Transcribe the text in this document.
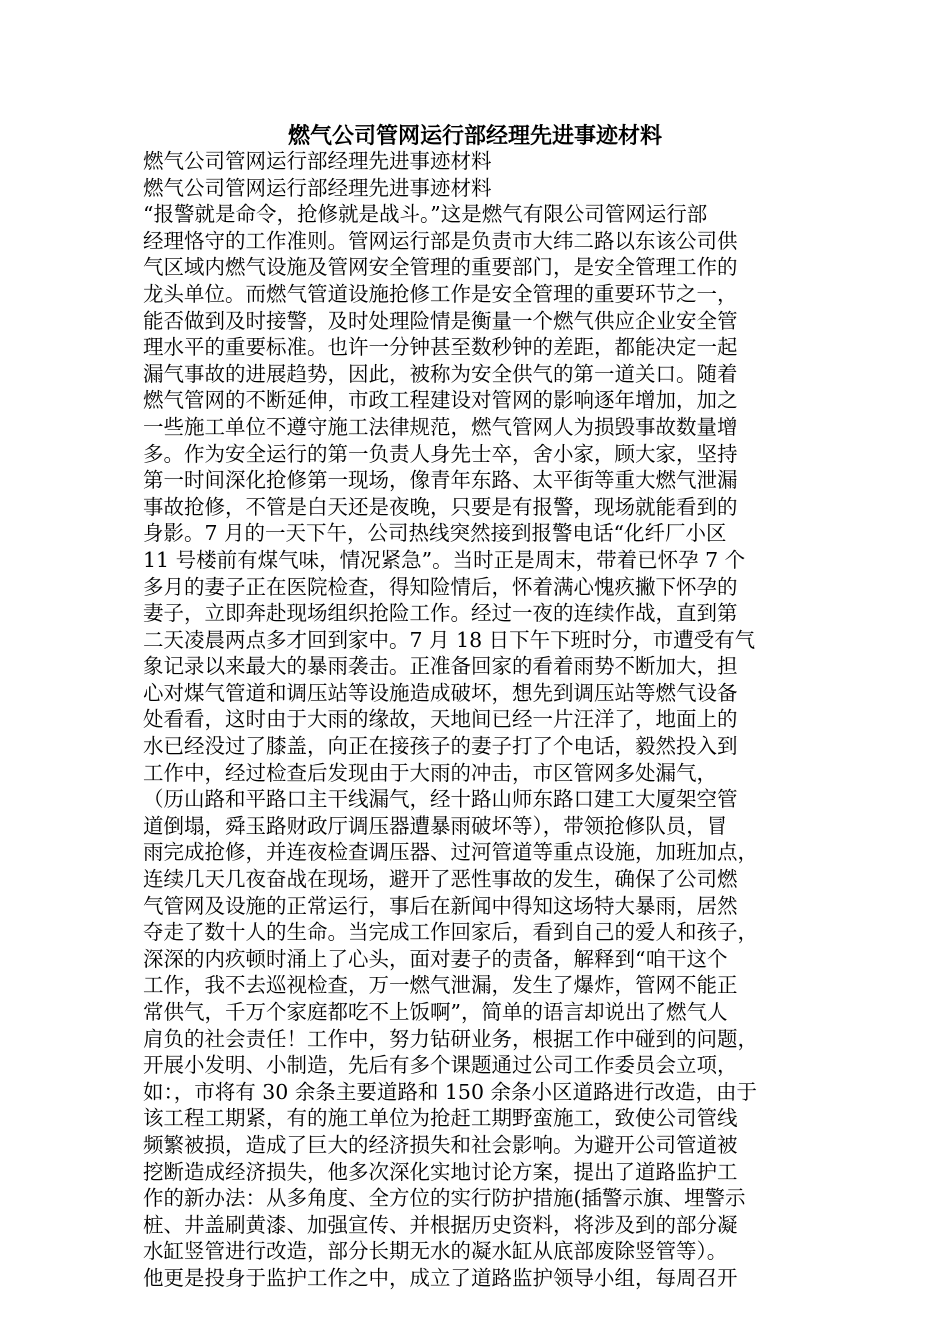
燃气公司管网运行部经理先进事迹材料
燃气公司管网运行部经理先进事迹材料
燃气公司管网运行部经理先进事迹材料
“报警就是命令，抢修就是战斗。”这是燃气有限公司管网运行部
经理恪守的工作准则。管网运行部是负责市大纬二路以东该公司供
气区域内燃气设施及管网安全管理的重要部门，是安全管理工作的
龙头单位。而燃气管道设施抢修工作是安全管理的重要环节之一，
能否做到及时接警，及时处理险情是衡量一个燃气供应企业安全管
理水平的重要标准。也许一分钟甚至数秒钟的差距，都能决定一起
漏气事故的进展趋势，因此，被称为安全供气的第一道关口。随着
燃气管网的不断延伸，市政工程建设对管网的影响逐年增加，加之
一些施工单位不遵守施工法律规范，燃气管网人为损毁事故数量增
多。作为安全运行的第一负责人身先士卒，舍小家，顾大家，坚持
第一时间深化抢修第一现场，像青年东路、太平街等重大燃气泄漏
事故抢修，不管是白天还是夜晚，只要是有报警，现场就能看到的
身影。7 月的一天下午，公司热线突然接到报警电话“化纤厂小区
11 号楼前有煤气味，情况紧急”。当时正是周末，带着已怀孕 7 个
多月的妻子正在医院检查，得知险情后，怀着满心愧疚撇下怀孕的
妻子，立即奔赴现场组织抢险工作。经过一夜的连续作战，直到第
二天凌晨两点多才回到家中。7 月 18 日下午下班时分，市遭受有气
象记录以来最大的暴雨袭击。正准备回家的看着雨势不断加大，担
心对煤气管道和调压站等设施造成破坏，想先到调压站等燃气设备
处看看，这时由于大雨的缘故，天地间已经一片汪洋了，地面上的
水已经没过了膝盖，向正在接孩子的妻子打了个电话，毅然投入到
工作中，经过检查后发现由于大雨的冲击，市区管网多处漏气，
（历山路和平路口主干线漏气，经十路山师东路口建工大厦架空管
道倒塌，舜玉路财政厅调压器遭暴雨破坏等），带领抢修队员，冒
雨完成抢修，并连夜检查调压器、过河管道等重点设施，加班加点，
连续几天几夜奋战在现场，避开了恶性事故的发生，确保了公司燃
气管网及设施的正常运行，事后在新闻中得知这场特大暴雨，居然
夺走了数十人的生命。当完成工作回家后，看到自己的爱人和孩子，
深深的内疚顿时涌上了心头，面对妻子的责备，解释到“咱干这个
工作，我不去巡视检查，万一燃气泄漏，发生了爆炸，管网不能正
常供气，千万个家庭都吃不上饭啊”，简单的语言却说出了燃气人
肩负的社会责任！工作中，努力钻研业务，根据工作中碰到的问题，
开展小发明、小制造，先后有多个课题通过公司工作委员会立项，
如：，市将有 30 余条主要道路和 150 余条小区道路进行改造，由于
该工程工期紧，有的施工单位为抢赶工期野蛮施工，致使公司管线
频繁被损，造成了巨大的经济损失和社会影响。为避开公司管道被
挖断造成经济损失，他多次深化实地讨论方案，提出了道路监护工
作的新办法：从多角度、全方位的实行防护措施(插警示旗、埋警示
桩、井盖刷黄漆、加强宣传、并根据历史资料，将涉及到的部分凝
水缸竖管进行改造，部分长期无水的凝水缸从底部废除竖管等）。
他更是投身于监护工作之中，成立了道路监护领导小组，每周召开
